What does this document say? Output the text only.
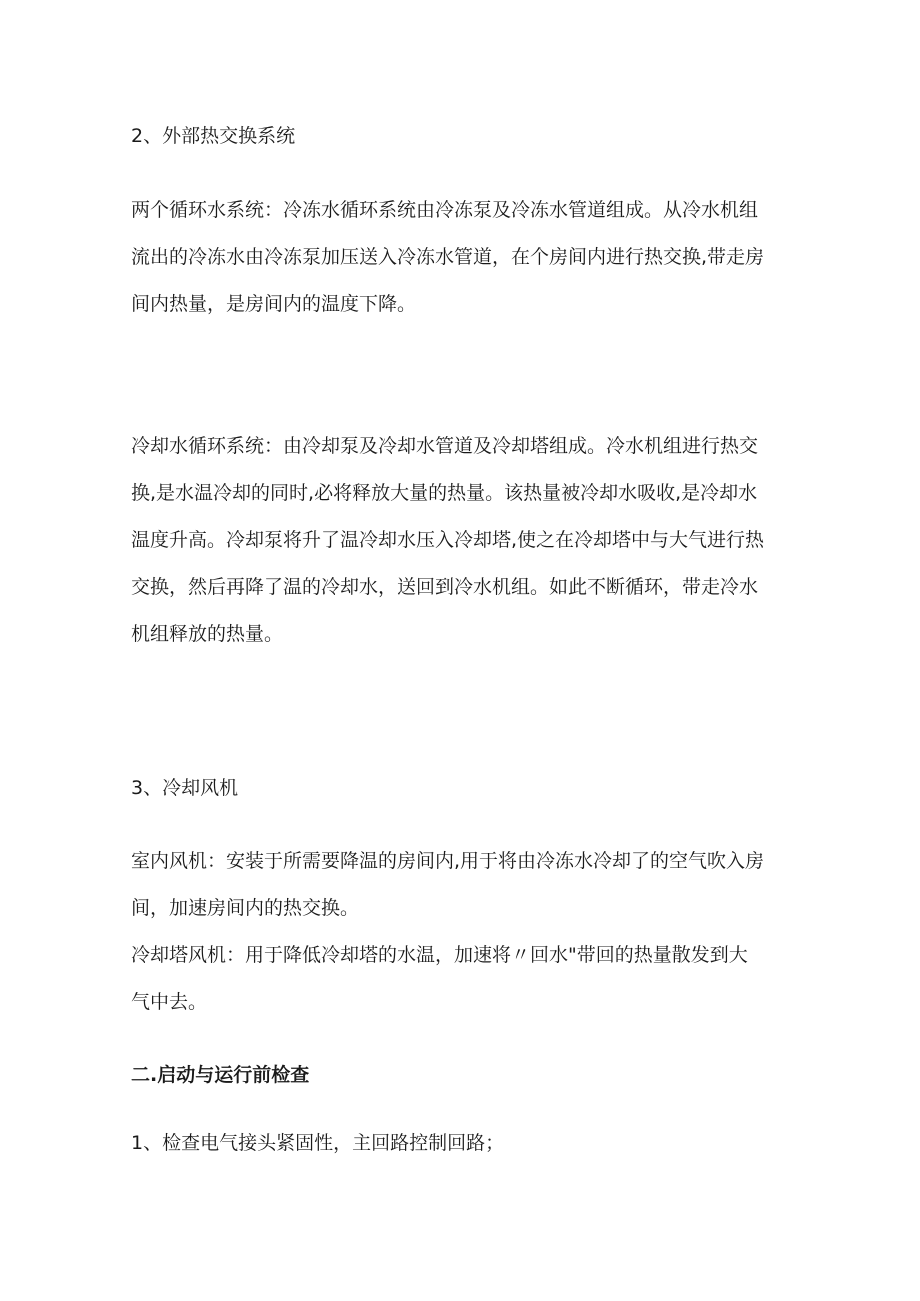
2、外部热交换系统
两个循环水系统：冷冻水循环系统由冷冻泵及冷冻水管道组成。从冷水机组
流出的冷冻水由冷冻泵加压送入冷冻水管道，在个房间内进行热交换,带走房
间内热量，是房间内的温度下降。
冷却水循环系统：由冷却泵及冷却水管道及冷却塔组成。冷水机组进行热交
换,是水温冷却的同时,必将释放大量的热量。该热量被冷却水吸收,是冷却水
温度升高。冷却泵将升了温冷却水压入冷却塔,使之在冷却塔中与大气进行热
交换，然后再降了温的冷却水，送回到冷水机组。如此不断循环，带走冷水
机组释放的热量。
3、冷却风机
室内风机：安装于所需要降温的房间内,用于将由冷冻水冷却了的空气吹入房
间，加速房间内的热交换。
冷却塔风机：用于降低冷却塔的水温，加速将〃回水"带回的热量散发到大
气中去。
二.启动与运行前检查
1、检查电气接头紧固性，主回路控制回路；
